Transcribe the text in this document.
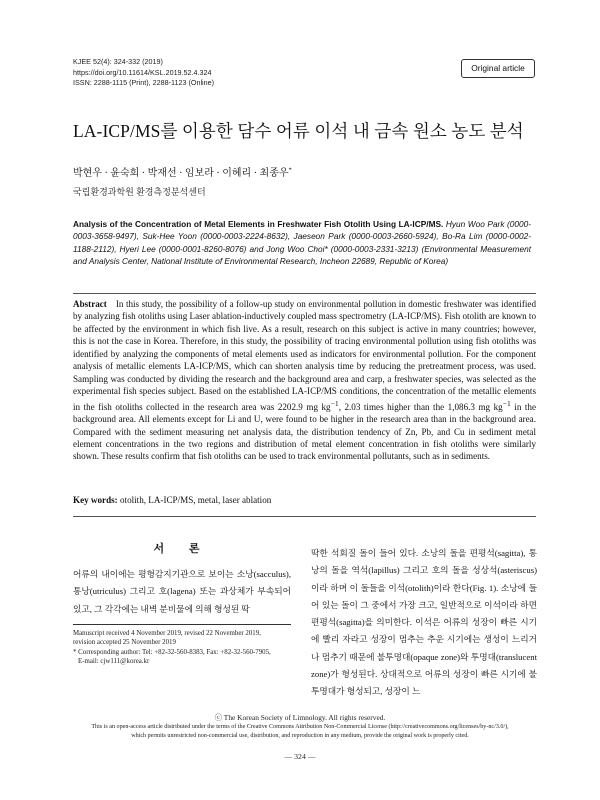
KJEE 52(4): 324-332 (2019)
https://doi.org/10.11614/KSL.2019.52.4.324
ISSN: 2288-1115 (Print), 2288-1123 (Online)
Original article
LA-ICP/MS를 이용한 담수 어류 이석 내 금속 원소 농도 분석
박현우 · 윤숙희 · 박재선 · 임보라 · 이혜리 · 최종우*
국립환경과학원 환경측정분석센터
Analysis of the Concentration of Metal Elements in Freshwater Fish Otolith Using LA-ICP/MS. Hyun Woo Park (0000-0003-3658-9497), Suk-Hee Yoon (0000-0003-2224-8632), Jaeseon Park (0000-0003-2660-5924), Bo-Ra Lim (0000-0002-1188-2112), Hyeri Lee (0000-0001-8260-8076) and Jong Woo Choi* (0000-0003-2331-3213) (Environmental Measurement and Analysis Center, National Institute of Environmental Research, Incheon 22689, Republic of Korea)
Abstract In this study, the possibility of a follow-up study on environmental pollution in domestic freshwater was identified by analyzing fish otoliths using Laser ablation-inductively coupled mass spectrometry (LA-ICP/MS). Fish otolith are known to be affected by the environment in which fish live. As a result, research on this subject is active in many countries; however, this is not the case in Korea. Therefore, in this study, the possibility of tracing environmental pollution using fish otoliths was identified by analyzing the components of metal elements used as indicators for environmental pollution. For the component analysis of metallic elements LA-ICP/MS, which can shorten analysis time by reducing the pretreatment process, was used. Sampling was conducted by dividing the research and the background area and carp, a freshwater species, was selected as the experimental fish species subject. Based on the established LA-ICP/MS conditions, the concentration of the metallic elements in the fish otoliths collected in the research area was 2202.9 mg $kg^{-1}$, 2.03 times higher than the 1,086.3 mg $kg^{-1}$ in the background area. All elements except for Li and U, were found to be higher in the research area than in the background area. Compared with the sediment measuring net analysis data, the distribution tendency of Zn, Pb, and Cu in sediment metal element concentrations in the two regions and distribution of metal element concentration in fish otoliths were similarly shown. These results confirm that fish otoliths can be used to track environmental pollutants, such as in sediments.
Key words: otolith, LA-ICP/MS, metal, laser ablation
서 론
어류의 내이에는 평형감지기관으로 보이는 소낭(sacculus), 통낭(utriculus) 그리고 호(lagena) 또는 과상체가 부속되어 있고, 그 각각에는 내벽 분비물에 의해 형성된 딱
딱한 석회질 돌이 들어 있다. 소낭의 돌을 편평석(sagitta), 통낭의 돌을 역석(lapillus) 그리고 호의 돌을 성상석(asteriscus)이라 하며 이 돌들을 이석(otolith)이라 한다(Fig. 1). 소낭에 들어 있는 돌이 그 중에서 가장 크고, 일반적으로 이석이라 하면 편평석(sagitta)을 의미한다. 이석은 어류의 성장이 빠른 시기에 빨리 자라고 성장이 멈추는 추운 시기에는 생성이 느리거나 멈추기 때문에 불투명대(opaque zone)와 투명대(translucent zone)가 형성된다. 상대적으로 어류의 성장이 빠른 시기에 불투명대가 형성되고, 성장이 느
Manuscript received 4 November 2019, revised 22 November 2019,
revision accepted 25 November 2019
* Corresponding author: Tel: +82-32-560-8383, Fax: +82-32-560-7905,
E-mail: cjw111@korea.kr
ⓒ The Korean Society of Limnology. All rights reserved.
This is an open-access article distributed under the terms of the Creative Commons Attribution Non-Commercial License (http://creativecommons.org/licenses/by-nc/3.0/),
which permits unrestricted non-commercial use, distribution, and reproduction in any medium, provide the original work is properly cited.
— 324 —
